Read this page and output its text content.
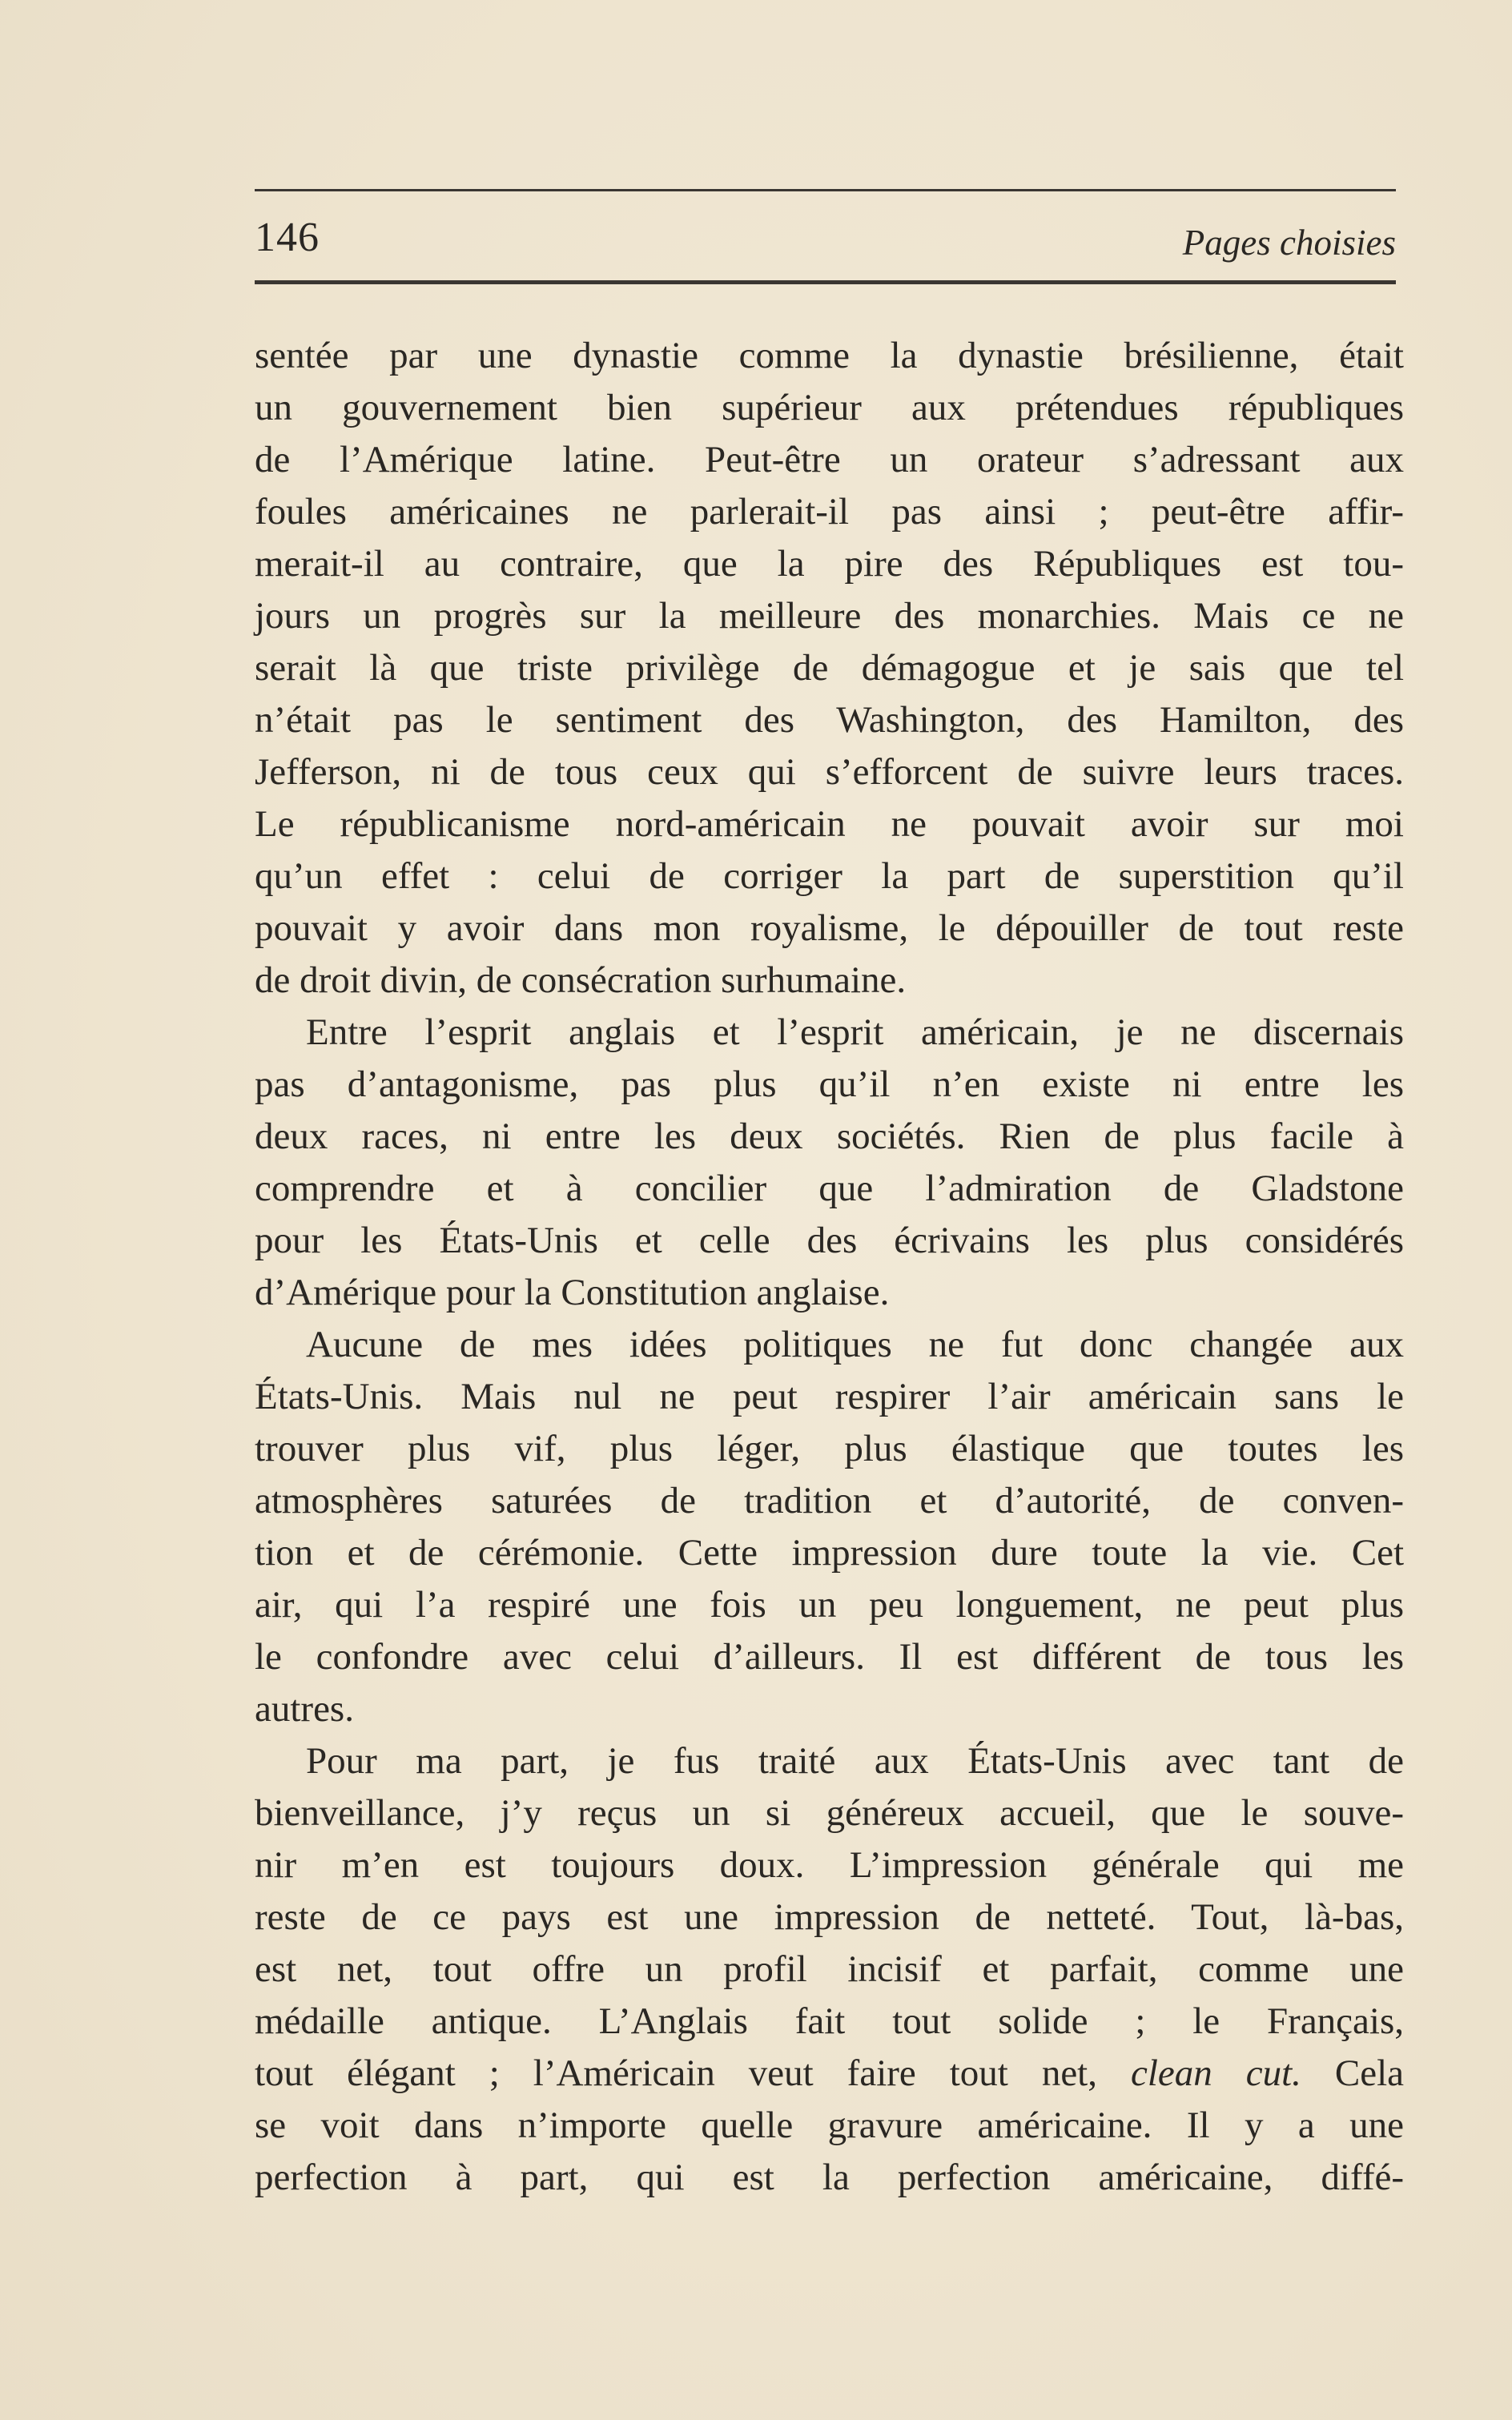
146	Pages choisies
sentée par une dynastie comme la dynastie brésilienne, était
un gouvernement bien supérieur aux prétendues républiques
de l’Amérique latine. Peut-être un orateur s’adressant aux
foules américaines ne parlerait-il pas ainsi ; peut-être affir-
merait-il au contraire, que la pire des Républiques est tou-
jours un progrès sur la meilleure des monarchies. Mais ce ne
serait là que triste privilège de démagogue et je sais que tel
n’était pas le sentiment des Washington, des Hamilton, des
Jefferson, ni de tous ceux qui s’efforcent de suivre leurs traces.
Le républicanisme nord-américain ne pouvait avoir sur moi
qu’un effet : celui de corriger la part de superstition qu’il
pouvait y avoir dans mon royalisme, le dépouiller de tout reste
de droit divin, de consécration surhumaine.
Entre l’esprit anglais et l’esprit américain, je ne discernais
pas d’antagonisme, pas plus qu’il n’en existe ni entre les
deux races, ni entre les deux sociétés. Rien de plus facile à
comprendre et à concilier que l’admiration de Gladstone
pour les États-Unis et celle des écrivains les plus considérés
d’Amérique pour la Constitution anglaise.
Aucune de mes idées politiques ne fut donc changée aux
États-Unis. Mais nul ne peut respirer l’air américain sans le
trouver plus vif, plus léger, plus élastique que toutes les
atmosphères saturées de tradition et d’autorité, de conven-
tion et de cérémonie. Cette impression dure toute la vie. Cet
air, qui l’a respiré une fois un peu longuement, ne peut plus
le confondre avec celui d’ailleurs. Il est différent de tous les
autres.
Pour ma part, je fus traité aux États-Unis avec tant de
bienveillance, j’y reçus un si généreux accueil, que le souve-
nir m’en est toujours doux. L’impression générale qui me
reste de ce pays est une impression de netteté. Tout, là-bas,
est net, tout offre un profil incisif et parfait, comme une
médaille antique. L’Anglais fait tout solide ; le Français,
tout élégant ; l’Américain veut faire tout net, clean cut. Cela
se voit dans n’importe quelle gravure américaine. Il y a une
perfection à part, qui est la perfection américaine, diffé-
